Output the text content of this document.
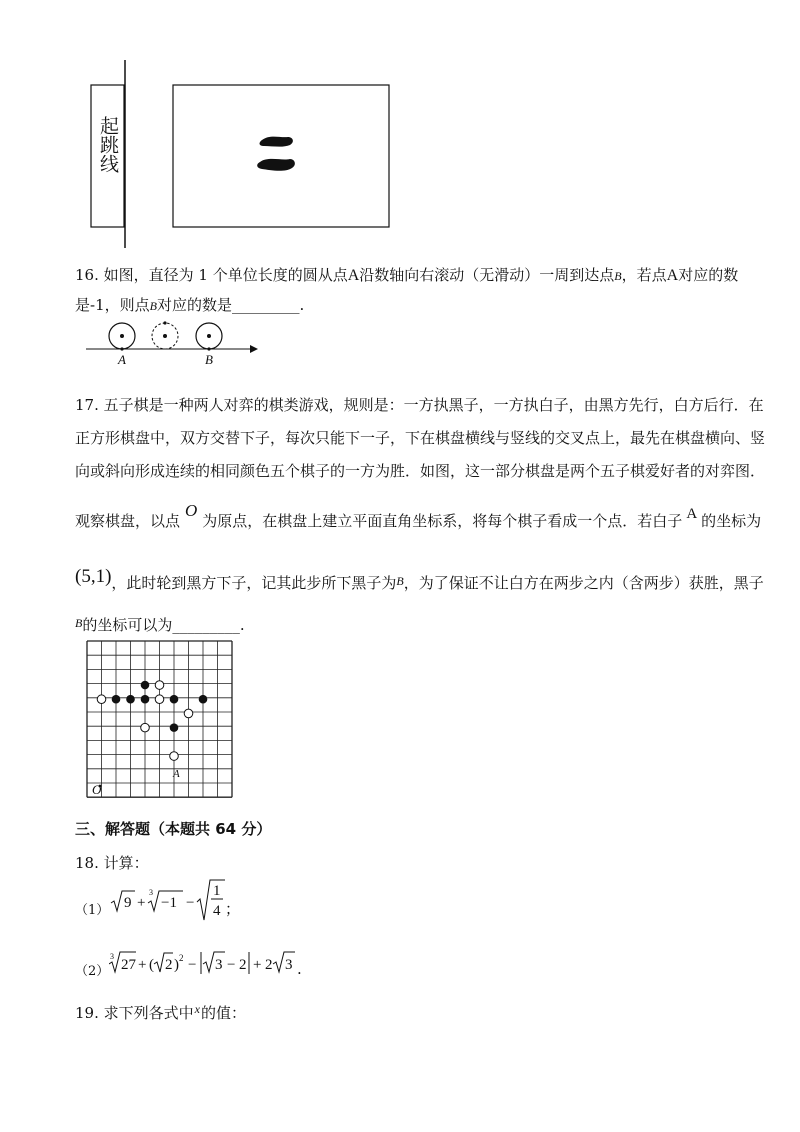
起跳线
16. 如图，直径为 1 个单位长度的圆从点A沿数轴向右滚动（无滑动）一周到达点B，若点A对应的数
是-1，则点B对应的数是_________.
A	B
17. 五子棋是一种两人对弈的棋类游戏，规则是：一方执黑子，一方执白子，由黑方先行，白方后行．在
正方形棋盘中，双方交替下子，每次只能下一子，下在棋盘横线与竖线的交叉点上，最先在棋盘横向、竖
向或斜向形成连续的相同颜色五个棋子的一方为胜．如图，这一部分棋盘是两个五子棋爱好者的对弈图．
观察棋盘，以点O为原点，在棋盘上建立平面直角坐标系，将每个棋子看成一个点．若白子 A 的坐标为
(5,1)，此时轮到黑方下子，记其此步所下黑子为$^B$，为了保证不让白方在两步之内（含两步）获胜，黑子
$^B$的坐标可以为_________.
O
A
三、解答题（本题共 64 分）
18. 计算：
（1） 9 +
3
−1 −
1
4 ；
（2）
3
27 + ( 2 ) 2 − 3 − 2 + 2 3 .
19. 求下列各式中$^x$的值：
